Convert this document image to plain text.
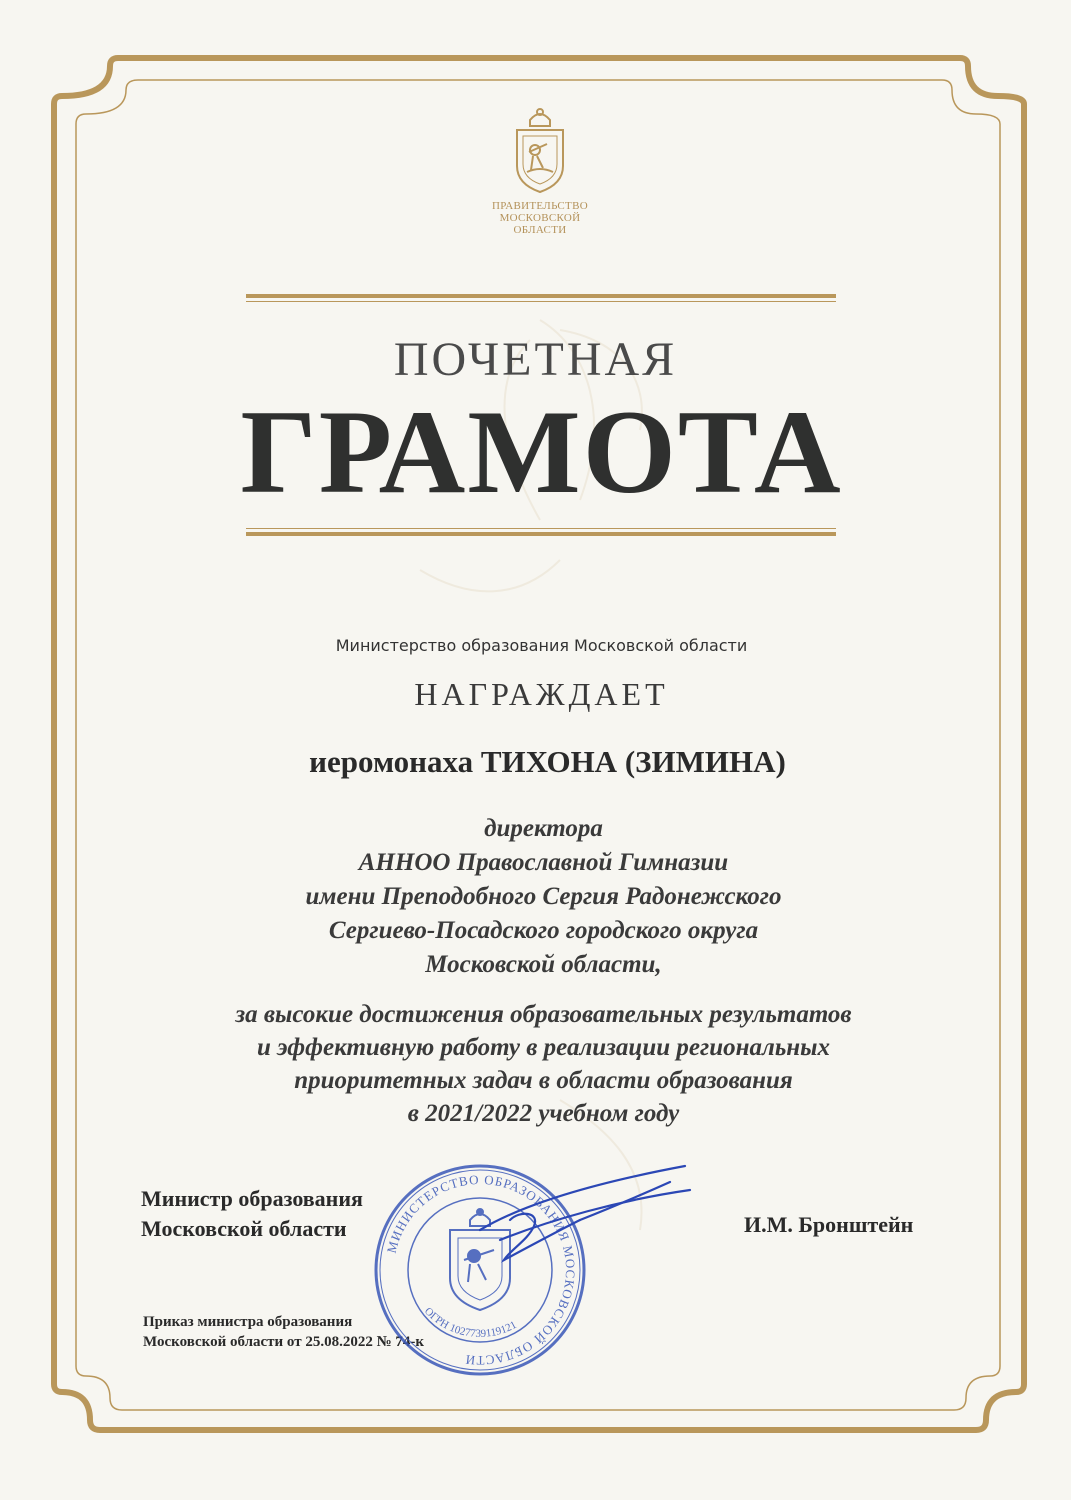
ПРАВИТЕЛЬСТВО
МОСКОВСКОЙ
ОБЛАСТИ
ПОЧЕТНАЯ
ГРАМОТА
Министерство образования Московской области
НАГРАЖДАЕТ
иеромонаха ТИХОНА (ЗИМИНА)
директора
АННОО Православной Гимназии
имени Преподобного Сергия Радонежского
Сергиево-Посадского городского округа
Московской области,
за высокие достижения образовательных результатов
и эффективную работу в реализации региональных
приоритетных задач в области образования
в 2021/2022 учебном году
Министр образования
Московской области	И.М. Бронштейн
Приказ министра образования
Московской области от 25.08.2022 № 74-к
МИНИСТЕРСТВО ОБРАЗОВАНИЯ МОСКОВСКОЙ ОБЛАСТИ
ОГРН 1027739119121
